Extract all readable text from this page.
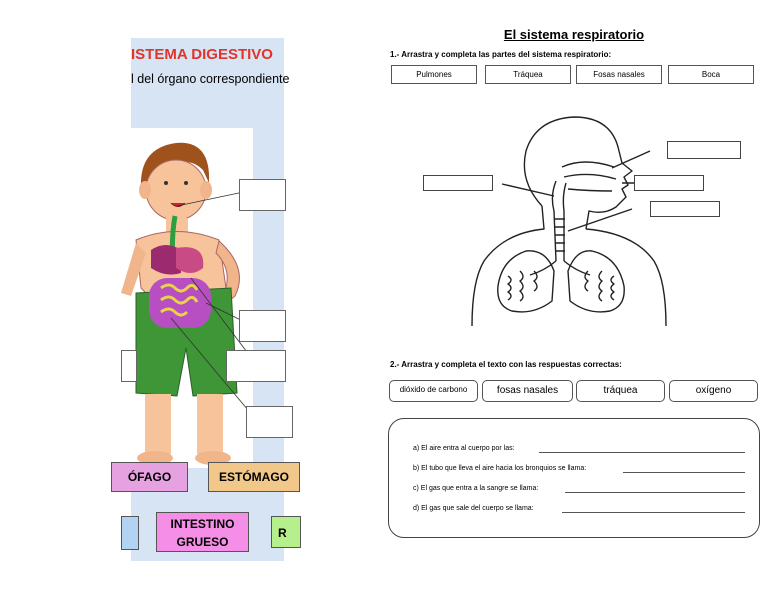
ISTEMA DIGESTIVO
l del órgano correspondiente
ÓFAGO	ESTÓMAGO
INTESTINO
GRUESO
R
El sistema respiratorio
1.- Arrastra y completa las partes del sistema respiratorio:
Pulmones	Tráquea	Fosas nasales	Boca
2.- Arrastra y completa el texto con las respuestas correctas:
dióxido de carbono	fosas nasales	tráquea	oxígeno
a) El aire entra al cuerpo por las:
b) El tubo que lleva el aire hacia los bronquios se llama:
c) El gas que entra a la sangre se llama:
d) El gas que sale del cuerpo se llama:
